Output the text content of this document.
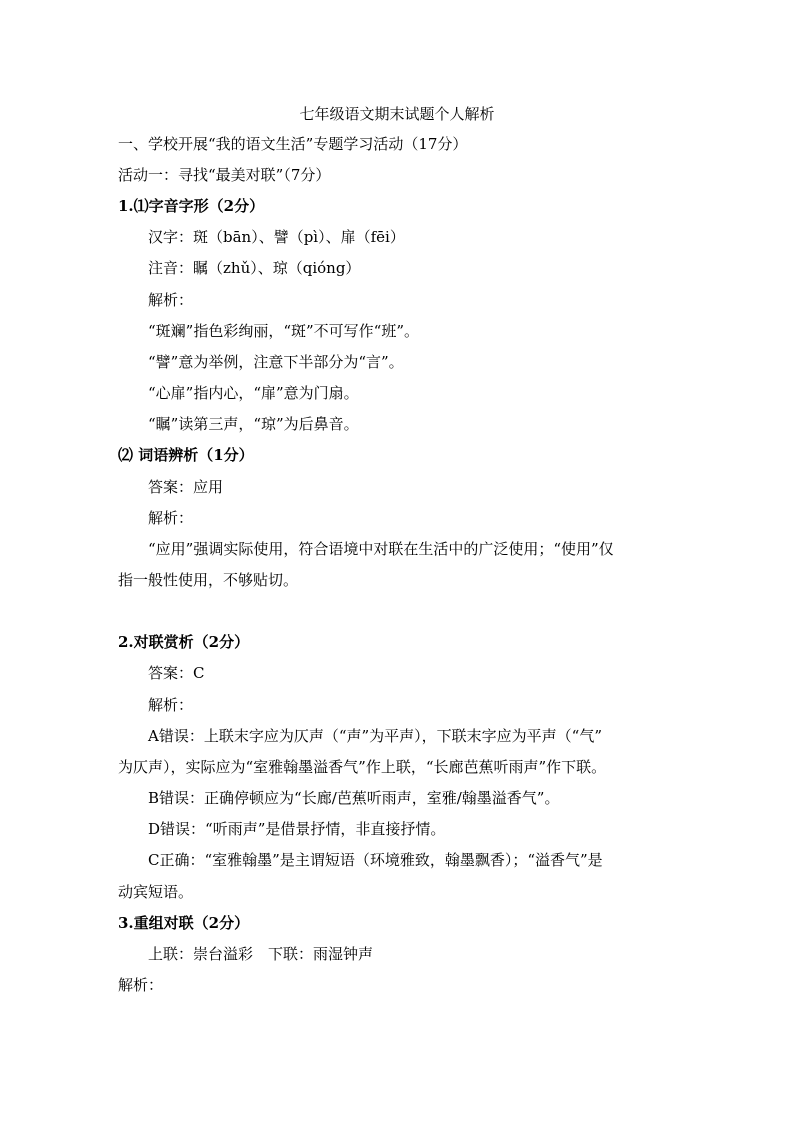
七年级语文期末试题个人解析
一、学校开展“我的语文生活”专题学习活动（17分）
活动一：寻找“最美对联”（7分）
1.⑴字音字形（2分）
汉字：斑（bān）、譬（pì）、扉（fēi）
注音：瞩（zhǔ）、琼（qióng）
解析：
“斑斓”指色彩绚丽，“斑”不可写作“班”。
“譬”意为举例，注意下半部分为“言”。
“心扉”指内心，“扉”意为门扇。
“瞩”读第三声，“琼”为后鼻音。
⑵ 词语辨析（1分）
答案：应用
解析：
“应用”强调实际使用，符合语境中对联在生活中的广泛使用；“使用”仅
指一般性使用，不够贴切。
2.对联赏析（2分）
答案：C
解析：
A错误：上联末字应为仄声（“声”为平声），下联末字应为平声（“气”
为仄声），实际应为“室雅翰墨溢香气”作上联，“长廊芭蕉听雨声”作下联。
B错误：正确停顿应为“长廊/芭蕉听雨声，室雅/翰墨溢香气”。
D错误：“听雨声”是借景抒情，非直接抒情。
C正确：“室雅翰墨”是主谓短语（环境雅致，翰墨飘香）；“溢香气”是
动宾短语。
3.重组对联（2分）
上联：崇台溢彩　下联：雨湿钟声
解析：
